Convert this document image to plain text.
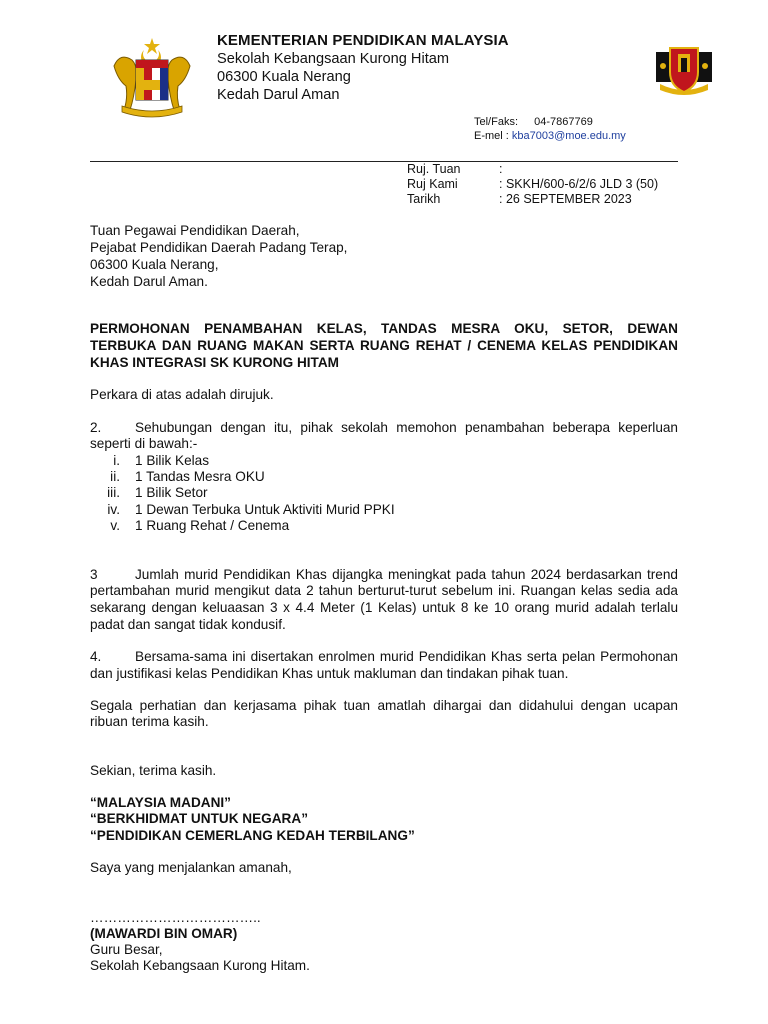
KEMENTERIAN PENDIDIKAN MALAYSIA
Sekolah Kebangsaan Kurong Hitam
06300 Kuala Nerang
Kedah Darul Aman
Tel/Faks: 04-7867769
E-mel : kba7003@moe.edu.my
Ruj. Tuan	:
Ruj Kami	: SKKH/600-6/2/6 JLD 3 (50)
Tarikh	: 26 SEPTEMBER 2023
Tuan Pegawai Pendidikan Daerah,
Pejabat Pendidikan Daerah Padang Terap,
06300 Kuala Nerang,
Kedah Darul Aman.
PERMOHONAN PENAMBAHAN KELAS, TANDAS MESRA OKU, SETOR, DEWAN
TERBUKA DAN RUANG MAKAN SERTA RUANG REHAT / CENEMA KELAS PENDIDIKAN
KHAS INTEGRASI SK KURONG HITAM
Perkara di atas adalah dirujuk.
2. Sehubungan dengan itu, pihak sekolah memohon penambahan beberapa keperluan
seperti di bawah:-
i. 1 Bilik Kelas
ii. 1 Tandas Mesra OKU
iii. 1 Bilik Setor
iv. 1 Dewan Terbuka Untuk Aktiviti Murid PPKI
v. 1 Ruang Rehat / Cenema
3	Jumlah murid Pendidikan Khas dijangka meningkat pada tahun 2024 berdasarkan trend
pertambahan murid mengikut data 2 tahun berturut-turut sebelum ini. Ruangan kelas sedia ada
sekarang dengan keluaasan 3 x 4.4 Meter (1 Kelas) untuk 8 ke 10 orang murid adalah terlalu
padat dan sangat tidak kondusif.
4. Bersama-sama ini disertakan enrolmen murid Pendidikan Khas serta pelan Permohonan
dan justifikasi kelas Pendidikan Khas untuk makluman dan tindakan pihak tuan.
Segala perhatian dan kerjasama pihak tuan amatlah dihargai dan didahului dengan ucapan
ribuan terima kasih.
Sekian, terima kasih.
“MALAYSIA MADANI”
“BERKHIDMAT UNTUK NEGARA”
“PENDIDIKAN CEMERLANG KEDAH TERBILANG”
Saya yang menjalankan amanah,
………………………………..
(MAWARDI BIN OMAR)
Guru Besar,
Sekolah Kebangsaan Kurong Hitam.
